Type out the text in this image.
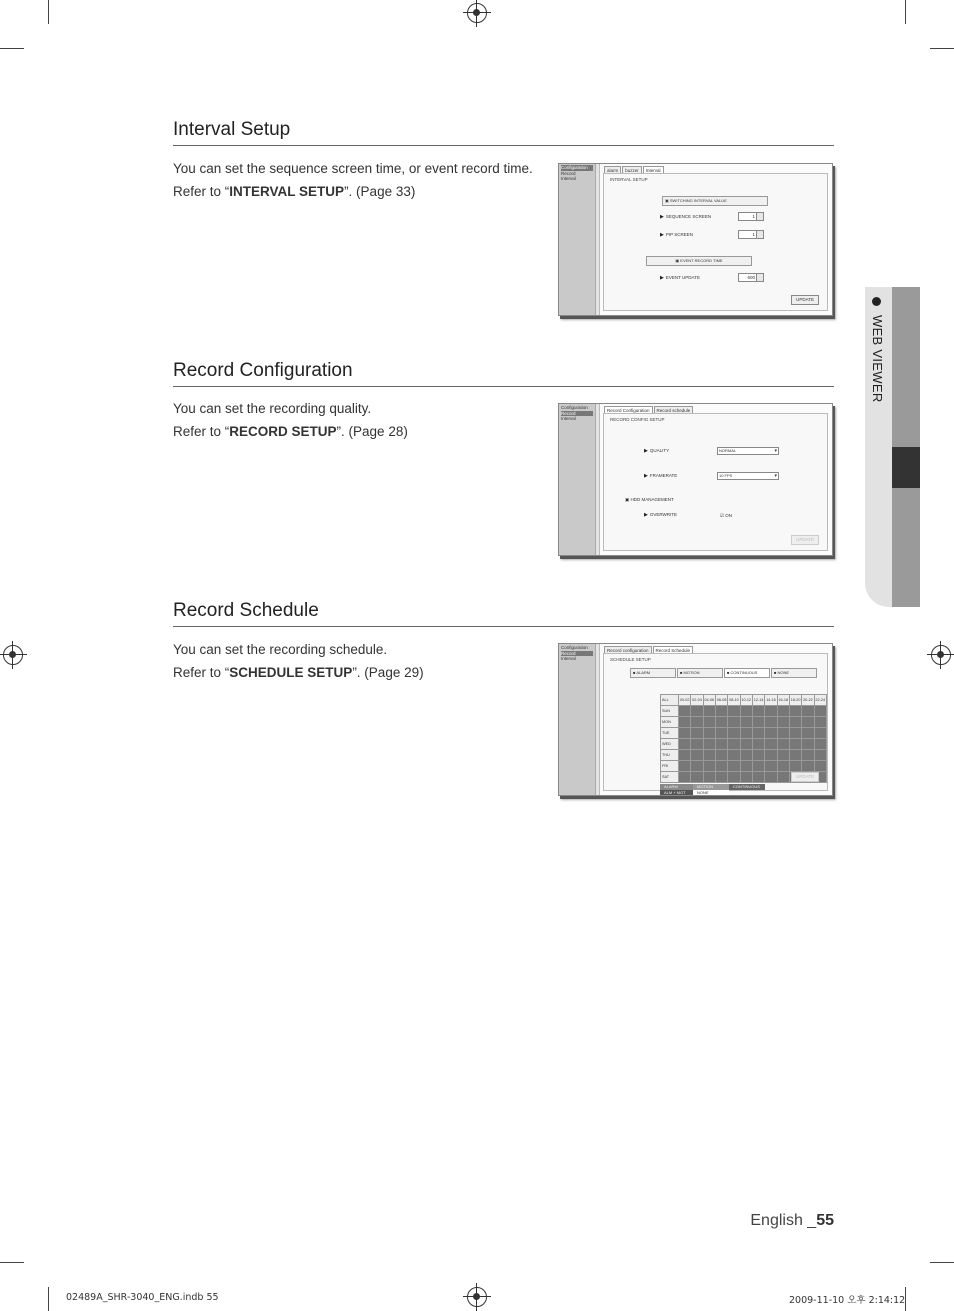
Interval Setup
You can set the sequence screen time, or event record time.
Refer to “INTERVAL SETUP”. (Page 33)
Configuration
Record
Interval
alarm buzzer Interval
INTERVAL SETUP
▣ SWITCHING INTERVAL VALUE
▶ SEQUENCE SCREEN	1
▶ PIP SCREEN	1
▣ EVENT RECORD TIME
▶ EVENT UPDATE	600
UPDATE
Record Configuration
You can set the recording quality.
Refer to “RECORD SETUP”. (Page 28)
Configuration
Record
Interval
Record Configuration Record schedule
RECORD CONFIG SETUP
▶ QUALITY	NORMAL ▾
▶ FRAMERATE	10 FPS ▾
▣ HDD MANAGEMENT
▶ OVERWRITE	☑ ON
UPDATE
Record Schedule
You can set the recording schedule.
Refer to “SCHEDULE SETUP”. (Page 29)
Configuration
Record
Interval
Record configuration Record Schedule
SCHEDULE SETUP
■ ALARM	■ MOTION	■ CONTINUOUS	■ NONE
ALL	00-02	02-04	04-06	06-08	08-10	10-12	12-14	14-16	16-18	18-20	20-22	22-24
SUN												
MON												
TUE												
WED												
THU												
FRI												
SAT												
ALARM	MOTION	CONTINUOUS
ALM + MOT	NONE
UPDATE
WEB VIEWER
English _55
02489A_SHR-3040_ENG.indb 55	2009-11-10 오후 2:14:12
